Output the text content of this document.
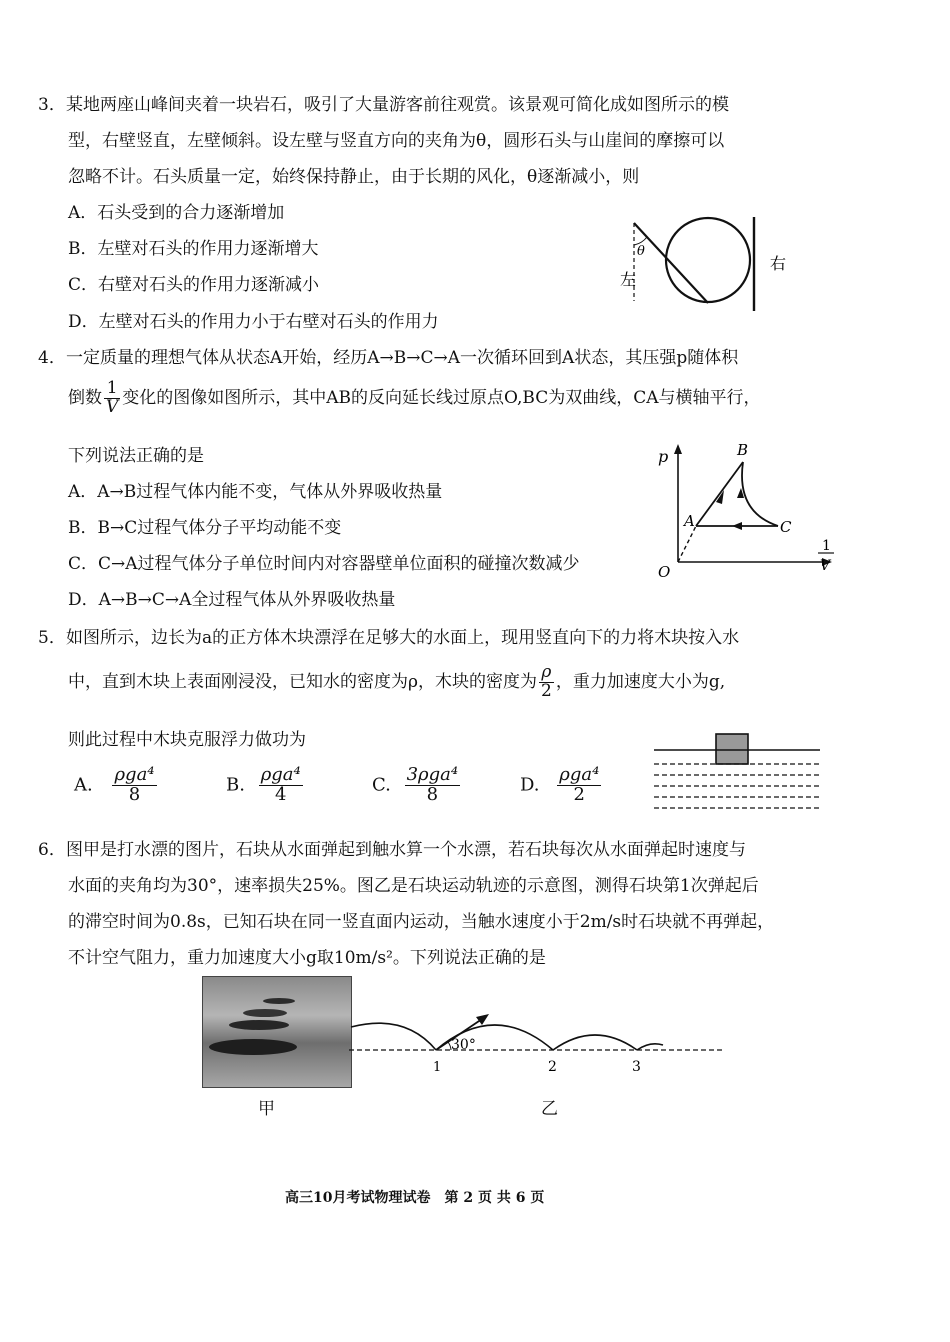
3． 某地两座山峰间夹着一块岩石，吸引了大量游客前往观赏。该景观可简化成如图所示的模
型，右壁竖直，左壁倾斜。设左壁与竖直方向的夹角为θ，圆形石头与山崖间的摩擦可以
忽略不计。石头质量一定，始终保持静止，由于长期的风化，θ逐渐减小，则
A．石头受到的合力逐渐增加
B．左壁对石头的作用力逐渐增大
C．右壁对石头的作用力逐渐减小
D．左壁对石头的作用力小于右壁对石头的作用力
θ
左
右
4． 一定质量的理想气体从状态A开始，经历A→B→C→A一次循环回到A状态，其压强p随体积
倒数 $\frac{1}{V}$ 变化的图像如图所示，其中AB的反向延长线过原点O,BC为双曲线，CA与横轴平行，
下列说法正确的是
A．A→B过程气体内能不变，气体从外界吸收热量
B．B→C过程气体分子平均动能不变
C．C→A过程气体分子单位时间内对容器壁单位面积的碰撞次数减少
D．A→B→C→A全过程气体从外界吸收热量
p
O
A
B
C
1
V
5． 如图所示，边长为a的正方体木块漂浮在足够大的水面上，现用竖直向下的力将木块按入水
中，直到木块上表面刚浸没，已知水的密度为ρ，木块的密度为 $\frac{\rho}{2}$ ，重力加速度大小为g,
则此过程中木块克服浮力做功为
A. $\frac{\text{ρga⁴}}{8}$	B. $\frac{\text{ρga⁴}}{4}$	C. $\frac{\text{3ρga⁴}}{8}$	D. $\frac{\text{ρga⁴}}{2}$
6． 图甲是打水漂的图片，石块从水面弹起到触水算一个水漂，若石块每次从水面弹起时速度与
水面的夹角均为30°，速率损失25%。图乙是石块运动轨迹的示意图，测得石块第1次弹起后
的滞空时间为0.8s，已知石块在同一竖直面内运动，当触水速度小于2m/s时石块就不再弹起，
不计空气阻力，重力加速度大小g取10m/s²。下列说法正确的是
甲
30°
1	2	3
乙
高三10月考试物理试卷　第 2 页 共 6 页
